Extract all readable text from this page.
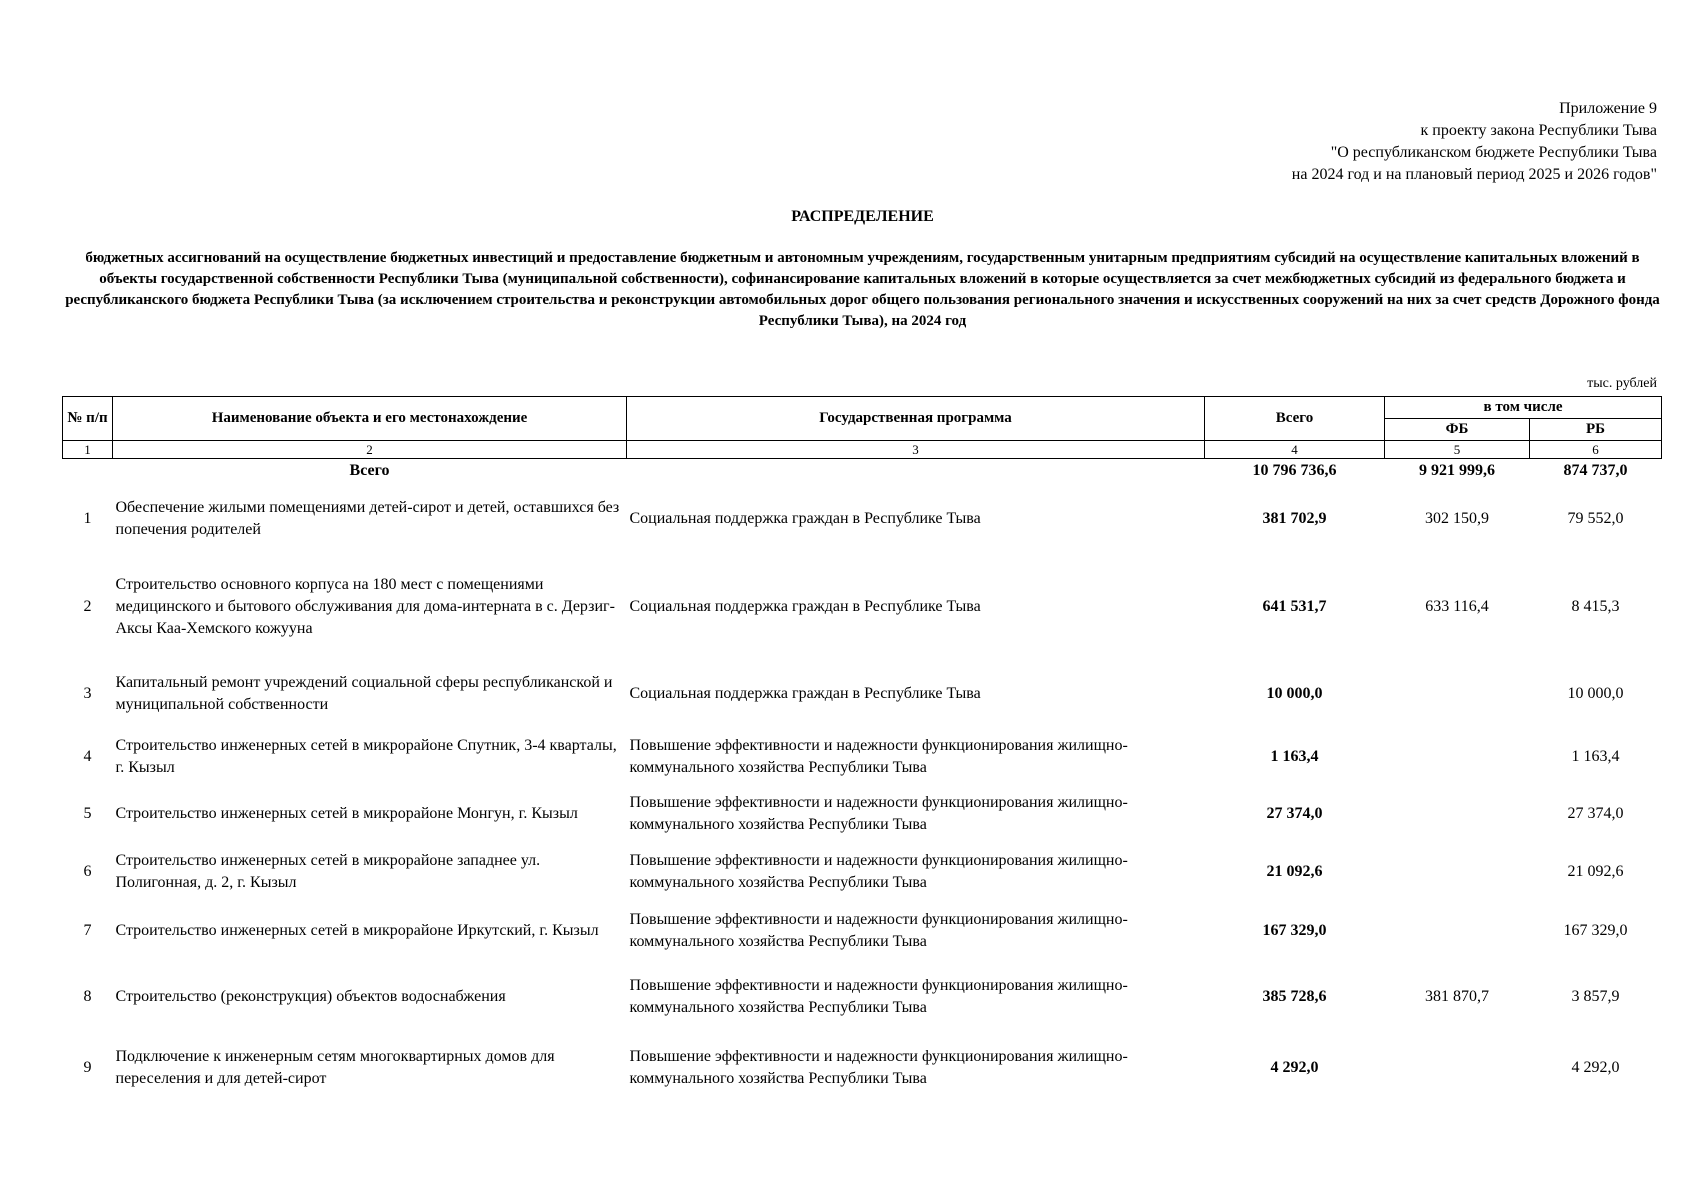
Приложение 9
к проекту закона Республики Тыва
"О республиканском бюджете Республики Тыва
на 2024 год и на плановый период 2025 и 2026 годов"
РАСПРЕДЕЛЕНИЕ
бюджетных ассигнований на осуществление бюджетных инвестиций и предоставление бюджетным и автономным учреждениям, государственным унитарным предприятиям субсидий на осуществление капитальных вложений в объекты государственной собственности Республики Тыва (муниципальной собственности), софинансирование капитальных вложений в которые осуществляется за счет межбюджетных субсидий из федерального бюджета и республиканского бюджета Республики Тыва (за исключением строительства и реконструкции автомобильных дорог общего пользования регионального значения и искусственных сооружений на них за счет средств Дорожного фонда Республики Тыва), на 2024 год
тыс. рублей
№ п/п	Наименование объекта и его местонахождение	Государственная программа	Всего	в том числе	
				ФБ	РБ
1	2	3	4	5	6
	Всего		10 796 736,6	9 921 999,6	874 737,0
1	Обеспечение жилыми помещениями детей-сирот и детей, оставшихся без попечения родителей	Социальная поддержка граждан в Республике Тыва	381 702,9	302 150,9	79 552,0
2	Строительство основного корпуса на 180 мест с помещениями медицинского и бытового обслуживания для дома-интерната в с. Дерзиг-Аксы Каа-Хемского кожууна	Социальная поддержка граждан в Республике Тыва	641 531,7	633 116,4	8 415,3
3	Капитальный ремонт учреждений социальной сферы республиканской и муниципальной собственности	Социальная поддержка граждан в Республике Тыва	10 000,0		10 000,0
4	Строительство инженерных сетей в микрорайоне Спутник, 3-4 кварталы, г. Кызыл	Повышение эффективности и надежности функционирования жилищно-коммунального хозяйства Республики Тыва	1 163,4		1 163,4
5	Строительство инженерных сетей в микрорайоне Монгун, г. Кызыл	Повышение эффективности и надежности функционирования жилищно-коммунального хозяйства Республики Тыва	27 374,0		27 374,0
6	Строительство инженерных сетей в микрорайоне западнее ул. Полигонная, д. 2, г. Кызыл	Повышение эффективности и надежности функционирования жилищно-коммунального хозяйства Республики Тыва	21 092,6		21 092,6
7	Строительство инженерных сетей в микрорайоне Иркутский, г. Кызыл	Повышение эффективности и надежности функционирования жилищно-коммунального хозяйства Республики Тыва	167 329,0		167 329,0
8	Строительство (реконструкция) объектов водоснабжения	Повышение эффективности и надежности функционирования жилищно-коммунального хозяйства Республики Тыва	385 728,6	381 870,7	3 857,9
9	Подключение к инженерным сетям многоквартирных домов для переселения и для детей-сирот	Повышение эффективности и надежности функционирования жилищно-коммунального хозяйства Республики Тыва	4 292,0		4 292,0
